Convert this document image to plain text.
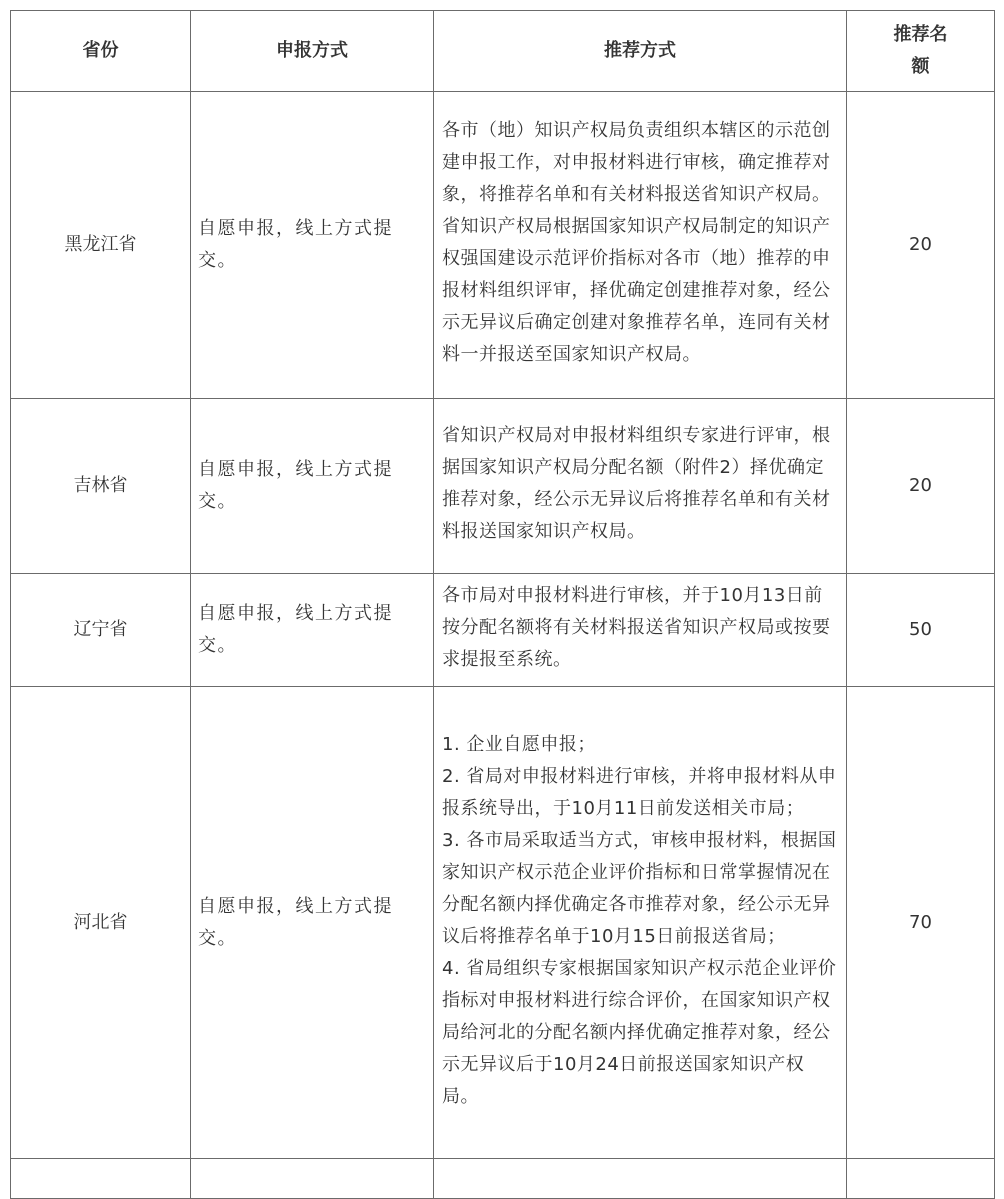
省份	申报方式	推荐方式	推荐名额
黑龙江省	自愿申报，线上方式提交。	各市（地）知识产权局负责组织本辖区的示范创建申报工作，对申报材料进行审核，确定推荐对象，将推荐名单和有关材料报送省知识产权局。省知识产权局根据国家知识产权局制定的知识产权强国建设示范评价指标对各市（地）推荐的申报材料组织评审，择优确定创建推荐对象，经公示无异议后确定创建对象推荐名单，连同有关材料一并报送至国家知识产权局。	20
吉林省	自愿申报，线上方式提交。	省知识产权局对申报材料组织专家进行评审，根据国家知识产权局分配名额（附件2）择优确定推荐对象，经公示无异议后将推荐名单和有关材料报送国家知识产权局。	20
辽宁省	自愿申报，线上方式提交。	各市局对申报材料进行审核，并于10月13日前按分配名额将有关材料报送省知识产权局或按要求提报至系统。	50
河北省	自愿申报，线上方式提交。	1. 企业自愿申报；
2. 省局对申报材料进行审核，并将申报材料从申报系统导出，于10月11日前发送相关市局；
3. 各市局采取适当方式，审核申报材料，根据国家知识产权示范企业评价指标和日常掌握情况在分配名额内择优确定各市推荐对象，经公示无异议后将推荐名单于10月15日前报送省局；
4. 省局组织专家根据国家知识产权示范企业评价指标对申报材料进行综合评价，在国家知识产权局给河北的分配名额内择优确定推荐对象，经公示无异议后于10月24日前报送国家知识产权局。	70
